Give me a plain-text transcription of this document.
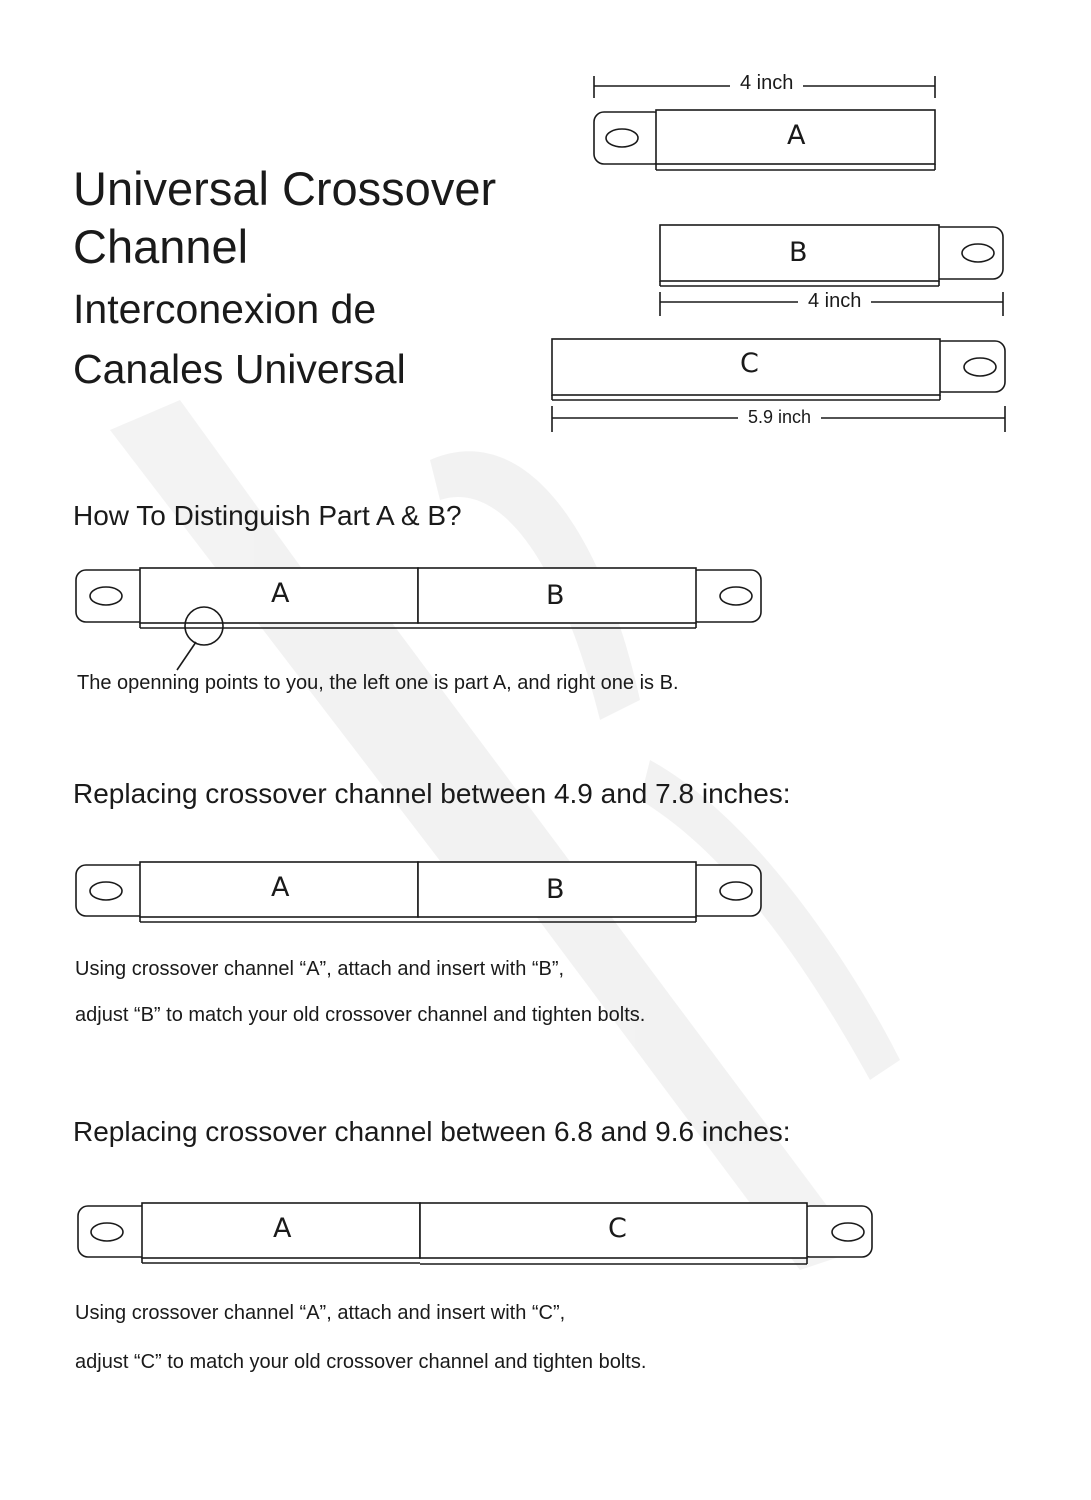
Universal Crossover
Channel
Interconexion de
Canales Universal
4 inch
A
B
4 inch
C
5.9 inch
How To Distinguish Part A & B?
A	B
The openning points to you, the left one is part A, and right one is B.
Replacing crossover channel between 4.9 and 7.8 inches:
A	B
Using crossover channel “A”, attach and insert with “B”,
adjust “B” to match your old crossover channel and tighten bolts.
Replacing crossover channel between 6.8 and 9.6 inches:
A	C
Using crossover channel “A”, attach and insert with “C”,
adjust “C” to match your old crossover channel and tighten bolts.
